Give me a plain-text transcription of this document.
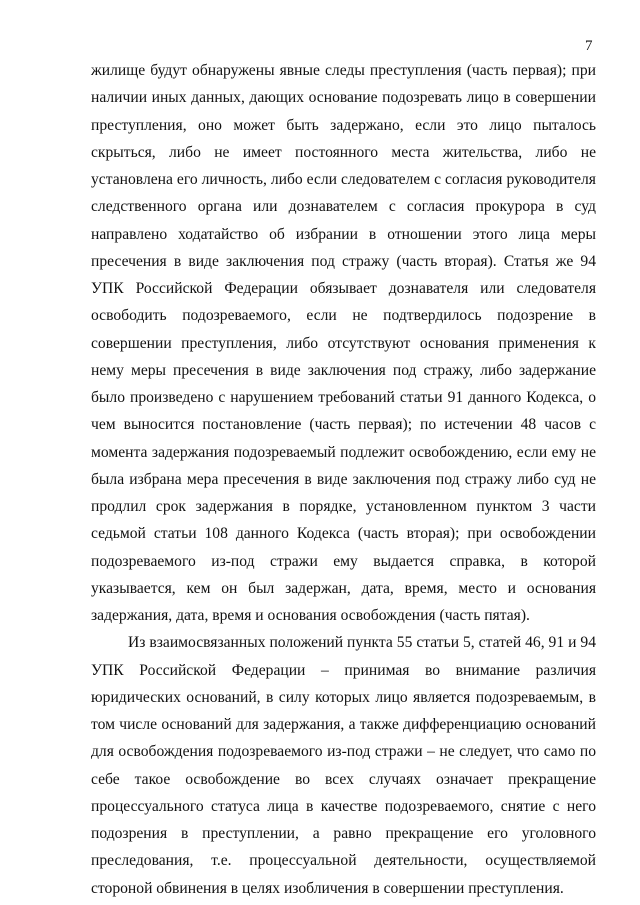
7

жилище будут обнаружены явные следы преступления (часть первая); при наличии иных данных, дающих основание подозревать лицо в совершении преступления, оно может быть задержано, если это лицо пыталось скрыться, либо не имеет постоянного места жительства, либо не установлена его личность, либо если следователем с согласия руководителя следственного органа или дознавателем с согласия прокурора в суд направлено ходатайство об избрании в отношении этого лица меры пресечения в виде заключения под стражу (часть вторая). Статья же 94 УПК Российской Федерации обязывает дознавателя или следователя освободить подозреваемого, если не подтвердилось подозрение в совершении преступления, либо отсутствуют основания применения к нему меры пресечения в виде заключения под стражу, либо задержание было произведено с нарушением требований статьи 91 данного Кодекса, о чем выносится постановление (часть первая); по истечении 48 часов с момента задержания подозреваемый подлежит освобождению, если ему не была избрана мера пресечения в виде заключения под стражу либо суд не продлил срок задержания в порядке, установленном пунктом 3 части седьмой статьи 108 данного Кодекса (часть вторая); при освобождении подозреваемого из-под стражи ему выдается справка, в которой указывается, кем он был задержан, дата, время, место и основания задержания, дата, время и основания освобождения (часть пятая).

Из взаимосвязанных положений пункта 55 статьи 5, статей 46, 91 и 94 УПК Российской Федерации – принимая во внимание различия юридических оснований, в силу которых лицо является подозреваемым, в том числе оснований для задержания, а также дифференциацию оснований для освобождения подозреваемого из-под стражи – не следует, что само по себе такое освобождение во всех случаях означает прекращение процессуального статуса лица в качестве подозреваемого, снятие с него подозрения в преступлении, а равно прекращение его уголовного преследования, т.е. процессуальной деятельности, осуществляемой стороной обвинения в целях изобличения в совершении преступления.
